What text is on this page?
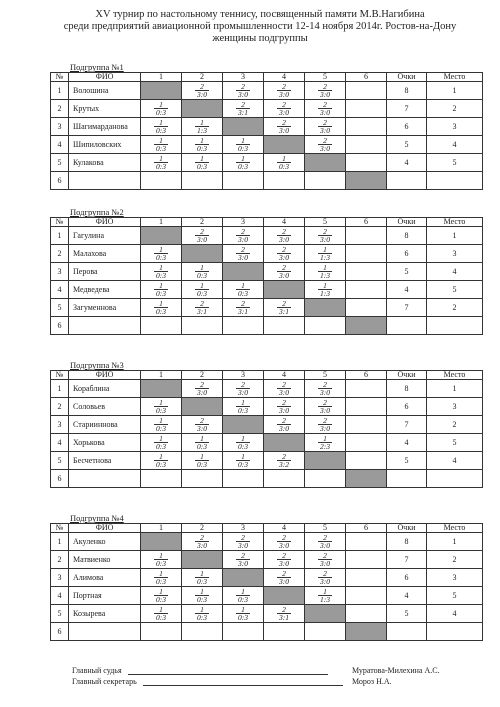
XV турнир по настольному теннису, посвященный памяти М.В.Нагибина
среди предприятий авиационной промышленности 12-14 ноября 2014г. Ростов-на-Дону
женщины подгруппы
Подгруппа №1
№	ФИО	1	2	3	4	5	6	Очки	Место
1	Волошина		$\frac{2}{3:0}$	$\frac{2}{3:0}$	$\frac{2}{3:0}$	$\frac{2}{3:0}$		8	1
2	Крутых	$\frac{1}{0:3}$		$\frac{2}{3:1}$	$\frac{2}{3:0}$	$\frac{2}{3:0}$		7	2
3	Шагимарданова	$\frac{1}{0:3}$	$\frac{1}{1:3}$		$\frac{2}{3:0}$	$\frac{2}{3:0}$		6	3
4	Шипиловских	$\frac{1}{0:3}$	$\frac{1}{0:3}$	$\frac{1}{0:3}$		$\frac{2}{3:0}$		5	4
5	Кулакова	$\frac{1}{0:3}$	$\frac{1}{0:3}$	$\frac{1}{0:3}$	$\frac{1}{0:3}$			4	5
6									
Подгруппа №2
№	ФИО	1	2	3	4	5	6	Очки	Место
1	Гагулина		$\frac{2}{3:0}$	$\frac{2}{3:0}$	$\frac{2}{3:0}$	$\frac{2}{3:0}$		8	1
2	Малахова	$\frac{1}{0:3}$		$\frac{2}{3:0}$	$\frac{2}{3:0}$	$\frac{1}{1:3}$		6	3
3	Перова	$\frac{1}{0:3}$	$\frac{1}{0:3}$		$\frac{2}{3:0}$	$\frac{1}{1:3}$		5	4
4	Медведева	$\frac{1}{0:3}$	$\frac{1}{0:3}$	$\frac{1}{0:3}$		$\frac{1}{1:3}$		4	5
5	Загуменнова	$\frac{1}{0:3}$	$\frac{2}{3:1}$	$\frac{2}{3:1}$	$\frac{2}{3:1}$			7	2
6									
Подгруппа №3
№	ФИО	1	2	3	4	5	6	Очки	Место
1	Кораблина		$\frac{2}{3:0}$	$\frac{2}{3:0}$	$\frac{2}{3:0}$	$\frac{2}{3:0}$		8	1
2	Соловьев	$\frac{1}{0:3}$		$\frac{1}{0:3}$	$\frac{2}{3:0}$	$\frac{2}{3:0}$		6	3
3	Старииннова	$\frac{1}{0:3}$	$\frac{2}{3:0}$		$\frac{2}{3:0}$	$\frac{2}{3:0}$		7	2
4	Хорькова	$\frac{1}{0:3}$	$\frac{1}{0:3}$	$\frac{1}{0:3}$		$\frac{1}{2:3}$		4	5
5	Бесчетнова	$\frac{1}{0:3}$	$\frac{1}{0:3}$	$\frac{1}{0:3}$	$\frac{2}{3:2}$			5	4
6									
Подгруппа №4
№	ФИО	1	2	3	4	5	6	Очки	Место
1	Акуленко		$\frac{2}{3:0}$	$\frac{2}{3:0}$	$\frac{2}{3:0}$	$\frac{2}{3:0}$		8	1
2	Матвиенко	$\frac{1}{0:3}$		$\frac{2}{3:0}$	$\frac{2}{3:0}$	$\frac{2}{3:0}$		7	2
3	Алимова	$\frac{1}{0:3}$	$\frac{1}{0:3}$		$\frac{2}{3:0}$	$\frac{2}{3:0}$		6	3
4	Портная	$\frac{1}{0:3}$	$\frac{1}{0:3}$	$\frac{1}{0:3}$		$\frac{1}{1:3}$		4	5
5	Козырева	$\frac{1}{0:3}$	$\frac{1}{0:3}$	$\frac{1}{0:3}$	$\frac{2}{3:1}$			5	4
6									
Главный судья	Муратова-Милехина А.С.
Главный секретарь	Мороз Н.А.
